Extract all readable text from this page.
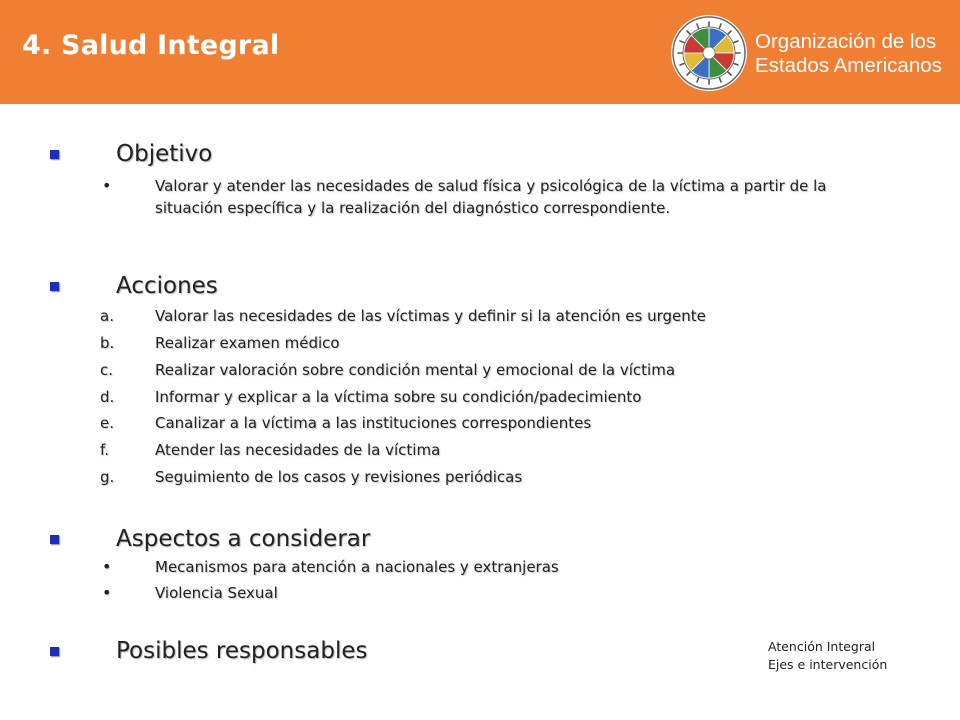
4. Salud Integral	Organización de los
Estados Americanos
Objetivo
•	Valorar y atender las necesidades de salud física y psicológica de la víctima a partir de la situación específica y la realización del diagnóstico correspondiente.
Acciones
a.	Valorar las necesidades de las víctimas y definir si la atención es urgente
b.	Realizar examen médico
c.	Realizar valoración sobre condición mental y emocional de la víctima
d.	Informar y explicar a la víctima sobre su condición/padecimiento
e.	Canalizar a la víctima a las instituciones correspondientes
f.	Atender las necesidades de la víctima
g.	Seguimiento de los casos y revisiones periódicas
Aspectos a considerar
•	Mecanismos para atención a nacionales y extranjeras
•	Violencia Sexual
Posibles responsables	Atención Integral
Ejes e intervención
